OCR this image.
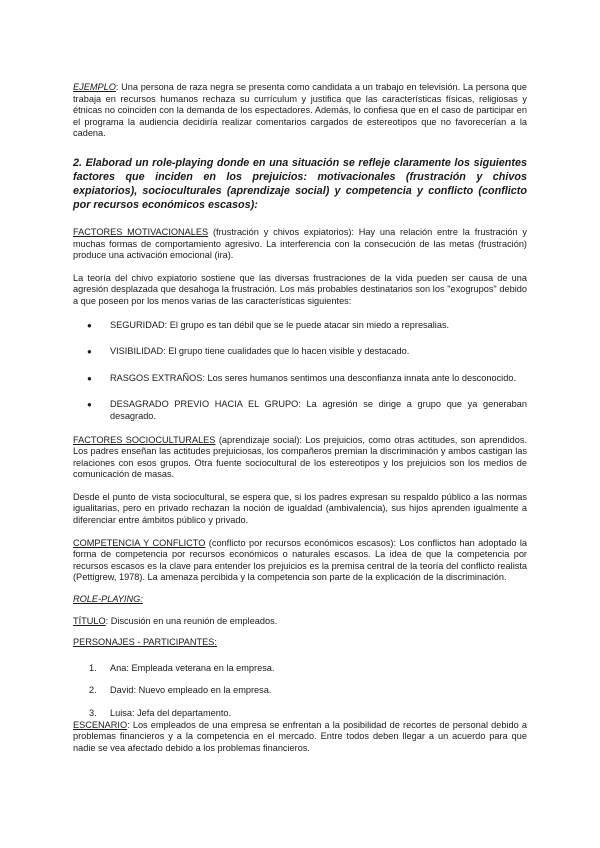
EJEMPLO: Una persona de raza negra se presenta como candidata a un trabajo en televisión. La persona que trabaja en recursos humanos rechaza su currículum y justifica que las características físicas, religiosas y étnicas no coinciden con la demanda de los espectadores. Además, lo confiesa que en el caso de participar en el programa la audiencia decidiría realizar comentarios cargados de estereotipos que no favorecerían a la cadena.

2. Elaborad un role-playing donde en una situación se refleje claramente los siguientes factores que inciden en los prejuicios: motivacionales (frustración y chivos expiatorios), socioculturales (aprendizaje social) y competencia y conflicto (conflicto por recursos económicos escasos):

FACTORES MOTIVACIONALES (frustración y chivos expiatorios): Hay una relación entre la frustración y muchas formas de comportamiento agresivo. La interferencia con la consecución de las metas (frustración) produce una activación emocional (ira).

La teoría del chivo expiatorio sostiene que las diversas frustraciones de la vida pueden ser causa de una agresión desplazada que desahoga la frustración. Los más probables destinatarios son los "exogrupos" debido a que poseen por los menos varias de las características siguientes:

● SEGURIDAD: El grupo es tan débil que se le puede atacar sin miedo a represalias.
● VISIBILIDAD: El grupo tiene cualidades que lo hacen visible y destacado.
● RASGOS EXTRAÑOS: Los seres humanos sentimos una desconfianza innata ante lo desconocido.
● DESAGRADO PREVIO HACIA EL GRUPO: La agresión se dirige a grupo que ya generaban desagrado.

FACTORES SOCIOCULTURALES (aprendizaje social): Los prejuicios, como otras actitudes, son aprendidos. Los padres enseñan las actitudes prejuiciosas, los compañeros premian la discriminación y ambos castigan las relaciones con esos grupos. Otra fuente sociocultural de los estereotipos y los prejuicios son los medios de comunicación de masas.

Desde el punto de vista sociocultural, se espera que, si los padres expresan su respaldo público a las normas igualitarias, pero en privado rechazan la noción de igualdad (ambivalencia), sus hijos aprenden igualmente a diferenciar entre ámbitos público y privado.

COMPETENCIA Y CONFLICTO (conflicto por recursos económicos escasos): Los conflictos han adoptado la forma de competencia por recursos económicos o naturales escasos. La idea de que la competencia por recursos escasos es la clave para entender los prejuicios es la premisa central de la teoría del conflicto realista (Pettigrew, 1978). La amenaza percibida y la competencia son parte de la explicación de la discriminación.

ROLE-PLAYING:

TÍTULO: Discusión en una reunión de empleados.

PERSONAJES - PARTICIPANTES:

1. Ana: Empleada veterana en la empresa.
2. David: Nuevo empleado en la empresa.
3. Luisa: Jefa del departamento.

ESCENARIO: Los empleados de una empresa se enfrentan a la posibilidad de recortes de personal debido a problemas financieros y a la competencia en el mercado. Entre todos deben llegar a un acuerdo para que nadie se vea afectado debido a los problemas financieros.
